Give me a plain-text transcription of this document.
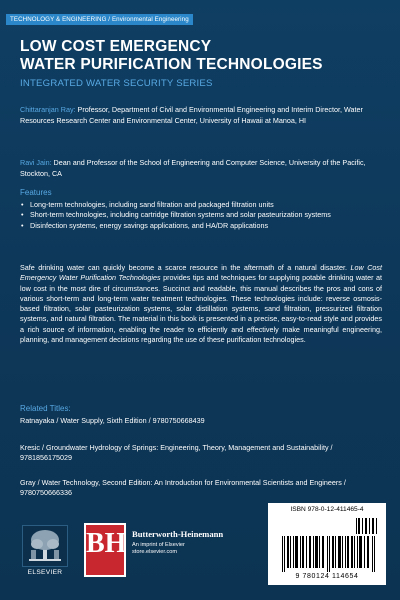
TECHNOLOGY & ENGINEERING / Environmental Engineering
LOW COST EMERGENCY
WATER PURIFICATION TECHNOLOGIES
INTEGRATED WATER SECURITY SERIES
Chittaranjan Ray: Professor, Department of Civil and Environmental Engineering and Interim Director, Water Resources Research Center and Environmental Center, University of Hawaii at Manoa, HI
Ravi Jain: Dean and Professor of the School of Engineering and Computer Science, University of the Pacific, Stockton, CA
Features
• Long-term technologies, including sand filtration and packaged filtration units
• Short-term technologies, including cartridge filtration systems and solar pasteurization systems
• Disinfection systems, energy savings applications, and HA/DR applications
Safe drinking water can quickly become a scarce resource in the aftermath of a natural disaster. Low Cost Emergency Water Purification Technologies provides tips and techniques for supplying potable drinking water at low cost in the most dire of circumstances. Succinct and readable, this manual describes the pros and cons of various short-term and long-term water treatment technologies. These technologies include: reverse osmosis-based filtration, solar pasteurization systems, solar distillation systems, sand filtration, pressurized filtration systems, and natural filtration. The material in this book is presented in a precise, easy-to-read style and provides a rich source of information, enabling the reader to efficiently and effectively make meaningful engineering, planning, and management decisions regarding the use of these purification technologies.
Related Titles:
Ratnayaka / Water Supply, Sixth Edition / 9780750668439
Kresic / Groundwater Hydrology of Springs: Engineering, Theory, Management and Sustainability / 9781856175029
Gray / Water Technology, Second Edition: An Introduction for Environmental Scientists and Engineers / 9780750666336
ELSEVIER
BH Butterworth-Heinemann
An imprint of Elsevier
store.elsevier.com
ISBN 978-0-12-411465-4
9 780124 114654
